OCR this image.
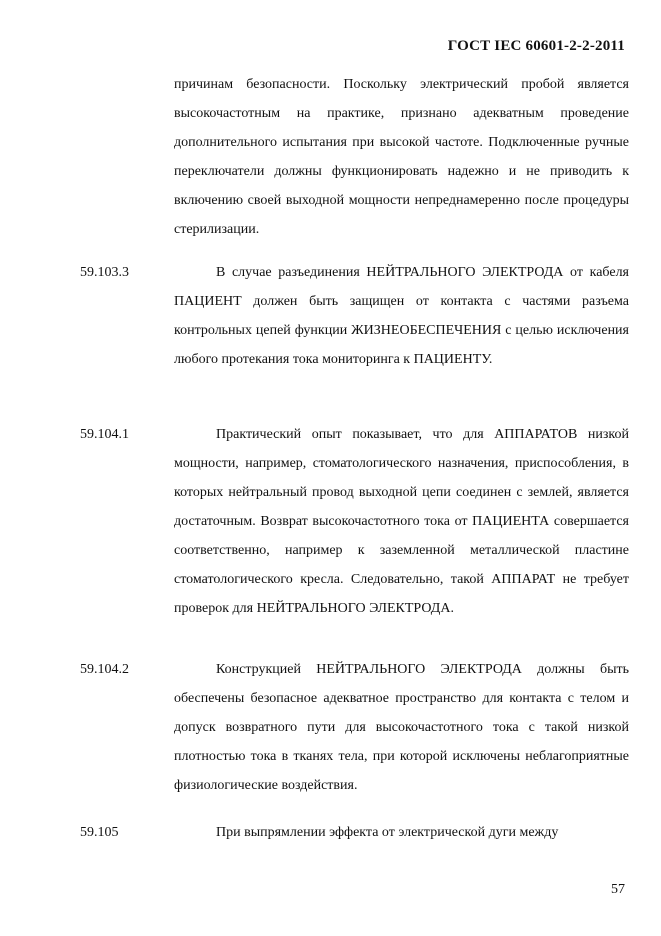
ГОСТ IEC 60601-2-2-2011
причинам безопасности. Поскольку электрический пробой является высокочастотным на практике, признано адекватным проведение дополнительного испытания при высокой частоте. Подключенные ручные переключатели должны функционировать надежно и не приводить к включению своей выходной мощности непреднамеренно после процедуры стерилизации.
59.103.3	В случае разъединения НЕЙТРАЛЬНОГО ЭЛЕКТРОДА от кабеля ПАЦИЕНТ должен быть защищен от контакта с частями разъема контрольных цепей функции ЖИЗНЕОБЕСПЕЧЕНИЯ с целью исключения любого протекания тока мониторинга к ПАЦИЕНТУ.
59.104.1	Практический опыт показывает, что для АППАРАТОВ низкой мощности, например, стоматологического назначения, приспособления, в которых нейтральный провод выходной цепи соединен с землей, является достаточным. Возврат высокочастотного тока от ПАЦИЕНТА совершается соответственно, например к заземленной металлической пластине стоматологического кресла. Следовательно, такой АППАРАТ не требует проверок для НЕЙТРАЛЬНОГО ЭЛЕКТРОДА.
59.104.2	Конструкцией НЕЙТРАЛЬНОГО ЭЛЕКТРОДА должны быть обеспечены безопасное адекватное пространство для контакта с телом и допуск возвратного пути для высокочастотного тока с такой низкой плотностью тока в тканях тела, при которой исключены неблагоприятные физиологические воздействия.
59.105	При выпрямлении эффекта от электрической дуги между
57
